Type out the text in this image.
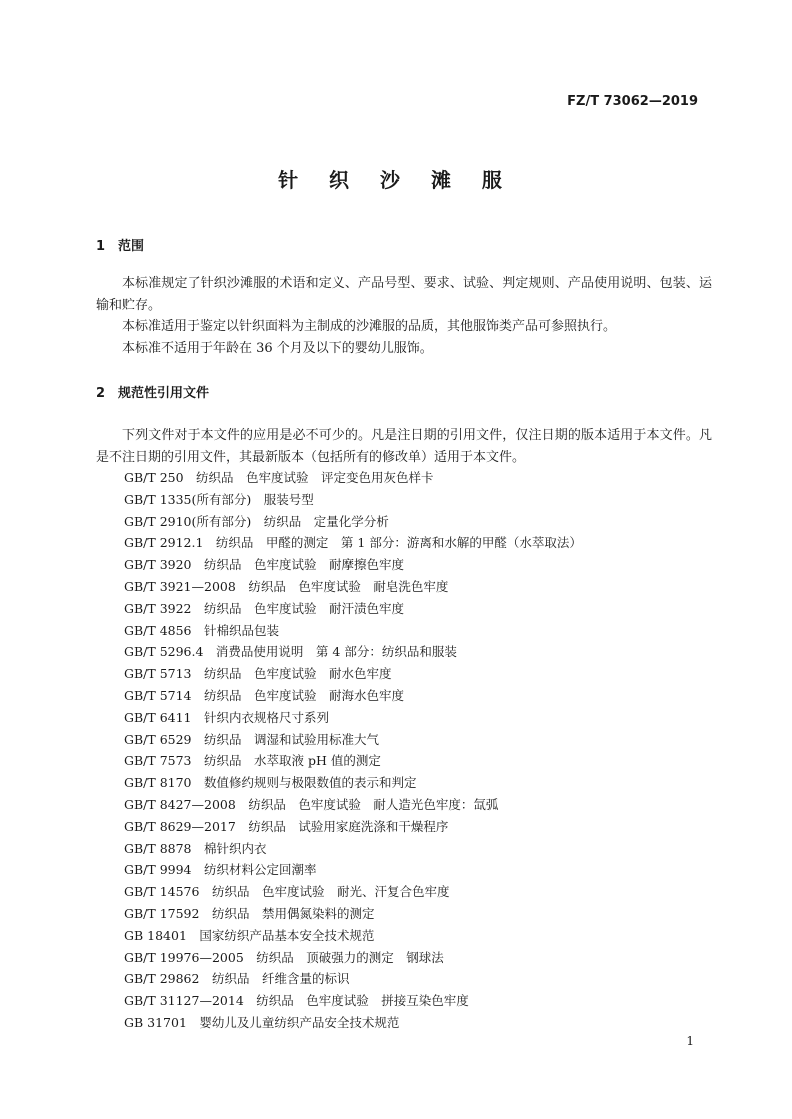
FZ/T 73062—2019
针 织 沙 滩 服
1 范围
本标准规定了针织沙滩服的术语和定义、产品号型、要求、试验、判定规则、产品使用说明、包装、运输和贮存。
本标准适用于鉴定以针织面料为主制成的沙滩服的品质，其他服饰类产品可参照执行。
本标准不适用于年龄在 36 个月及以下的婴幼儿服饰。
2 规范性引用文件
下列文件对于本文件的应用是必不可少的。凡是注日期的引用文件，仅注日期的版本适用于本文件。凡是不注日期的引用文件，其最新版本（包括所有的修改单）适用于本文件。
GB/T 250　纺织品　色牢度试验　评定变色用灰色样卡
GB/T 1335(所有部分)　服装号型
GB/T 2910(所有部分)　纺织品　定量化学分析
GB/T 2912.1　纺织品　甲醛的测定　第 1 部分：游离和水解的甲醛（水萃取法）
GB/T 3920　纺织品　色牢度试验　耐摩擦色牢度
GB/T 3921—2008　纺织品　色牢度试验　耐皂洗色牢度
GB/T 3922　纺织品　色牢度试验　耐汗渍色牢度
GB/T 4856　针棉织品包装
GB/T 5296.4　消费品使用说明　第 4 部分：纺织品和服装
GB/T 5713　纺织品　色牢度试验　耐水色牢度
GB/T 5714　纺织品　色牢度试验　耐海水色牢度
GB/T 6411　针织内衣规格尺寸系列
GB/T 6529　纺织品　调湿和试验用标准大气
GB/T 7573　纺织品　水萃取液 pH 值的测定
GB/T 8170　数值修约规则与极限数值的表示和判定
GB/T 8427—2008　纺织品　色牢度试验　耐人造光色牢度：氙弧
GB/T 8629—2017　纺织品　试验用家庭洗涤和干燥程序
GB/T 8878　棉针织内衣
GB/T 9994　纺织材料公定回潮率
GB/T 14576　纺织品　色牢度试验　耐光、汗复合色牢度
GB/T 17592　纺织品　禁用偶氮染料的测定
GB 18401　国家纺织产品基本安全技术规范
GB/T 19976—2005　纺织品　顶破强力的测定　钢球法
GB/T 29862　纺织品　纤维含量的标识
GB/T 31127—2014　纺织品　色牢度试验　拼接互染色牢度
GB 31701　婴幼儿及儿童纺织产品安全技术规范
1
